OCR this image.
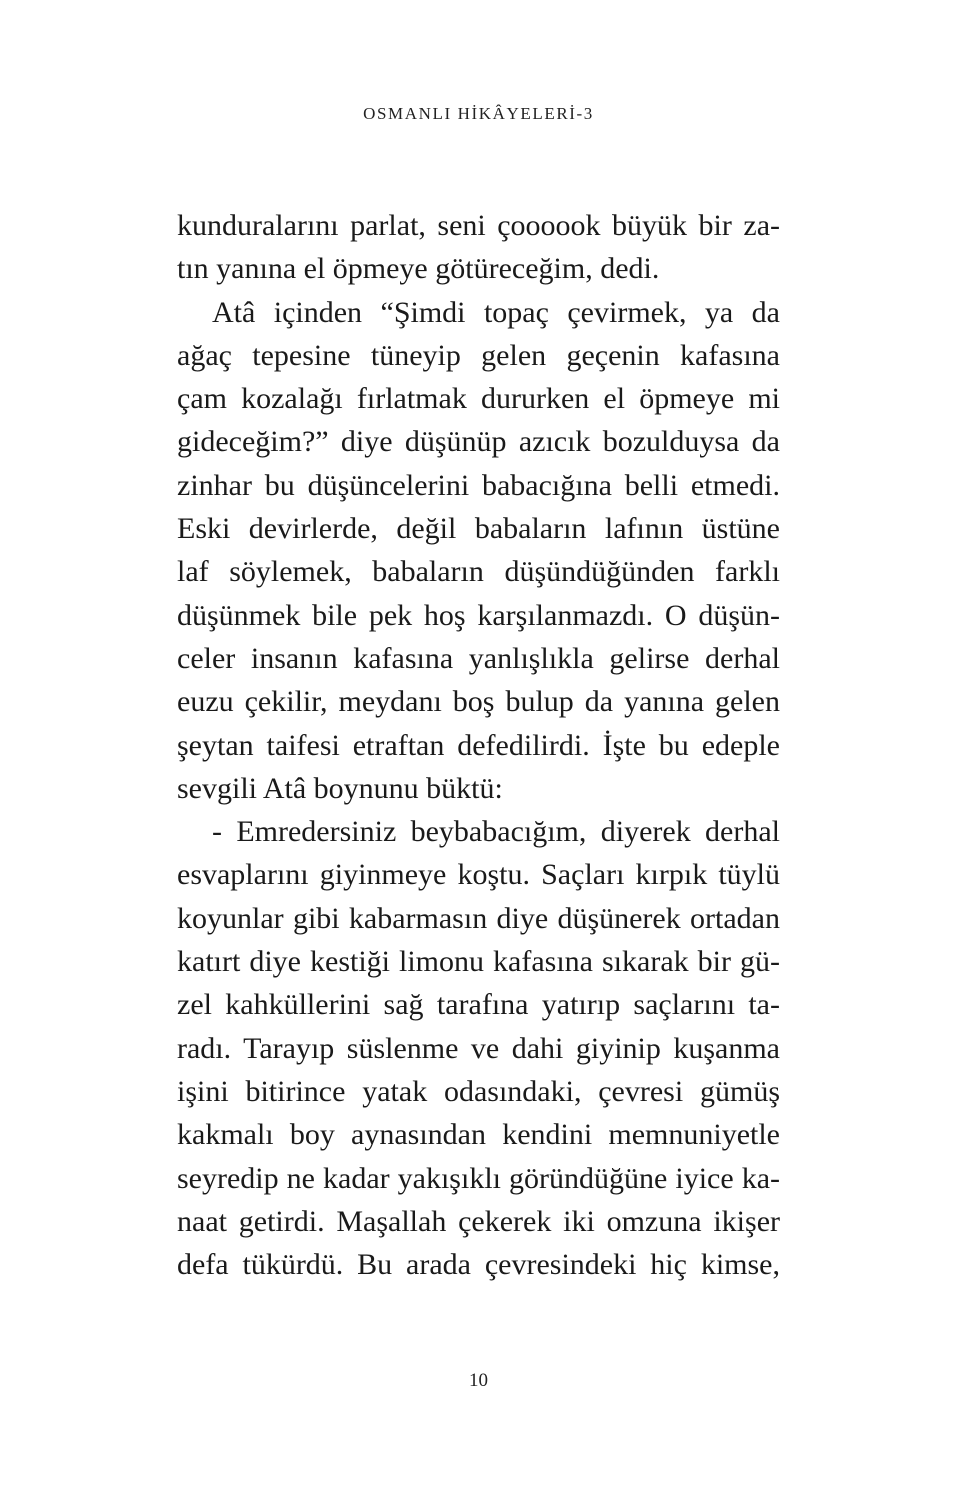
OSMANLI HİKÂYELERİ-3
kunduralarını parlat, seni çoooook büyük bir za-
tın yanına el öpmeye götüreceğim, dedi.
Atâ içinden “Şimdi topaç çevirmek, ya da
ağaç tepesine tüneyip gelen geçenin kafasına
çam kozalağı fırlatmak dururken el öpmeye mi
gideceğim?” diye düşünüp azıcık bozulduysa da
zinhar bu düşüncelerini babacığına belli etmedi.
Eski devirlerde, değil babaların lafının üstüne
laf söylemek, babaların düşündüğünden farklı
düşünmek bile pek hoş karşılanmazdı. O düşün-
celer insanın kafasına yanlışlıkla gelirse derhal
euzu çekilir, meydanı boş bulup da yanına gelen
şeytan taifesi etraftan defedilirdi. İşte bu edeple
sevgili Atâ boynunu büktü:
- Emredersiniz beybabacığım, diyerek derhal
esvaplarını giyinmeye koştu. Saçları kırpık tüylü
koyunlar gibi kabarmasın diye düşünerek ortadan
katırt diye kestiği limonu kafasına sıkarak bir gü-
zel kahküllerini sağ tarafına yatırıp saçlarını ta-
radı. Tarayıp süslenme ve dahi giyinip kuşanma
işini bitirince yatak odasındaki, çevresi gümüş
kakmalı boy aynasından kendini memnuniyetle
seyredip ne kadar yakışıklı göründüğüne iyice ka-
naat getirdi. Maşallah çekerek iki omzuna ikişer
defa tükürdü. Bu arada çevresindeki hiç kimse,
10
